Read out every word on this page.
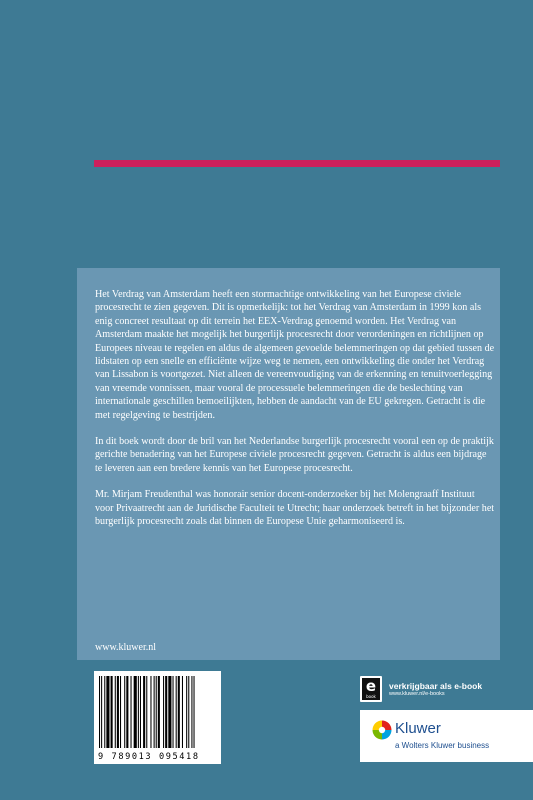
Het Verdrag van Amsterdam heeft een stormachtige ontwikkeling van het Europese civiele procesrecht te zien gegeven. Dit is opmerkelijk: tot het Verdrag van Amsterdam in 1999 kon als enig concreet resultaat op dit terrein het EEX-Verdrag genoemd worden. Het Verdrag van Amsterdam maakte het mogelijk het burgerlijk procesrecht door verordeningen en richtlijnen op Europees niveau te regelen en aldus de algemeen gevoelde belemmeringen op dat gebied tussen de lidstaten op een snelle en efficiënte wijze weg te nemen, een ontwikkeling die onder het Verdrag van Lissabon is voortgezet. Niet alleen de vereenvoudiging van de erkenning en tenuitvoerlegging van vreemde vonnissen, maar vooral de processuele belemmeringen die de beslechting van internationale geschillen bemoeilijkten, hebben de aandacht van de EU gekregen. Getracht is die met regelgeving te bestrijden.

In dit boek wordt door de bril van het Nederlandse burgerlijk procesrecht vooral een op de praktijk gerichte benadering van het Europese civiele procesrecht gegeven. Getracht is aldus een bijdrage te leveren aan een bredere kennis van het Europese procesrecht.

Mr. Mirjam Freudenthal was honorair senior docent-onderzoeker bij het Molengraaff Instituut voor Privaatrecht aan de Juridische Faculteit te Utrecht; haar onderzoek betreft in het bijzonder het burgerlijk procesrecht zoals dat binnen de Europese Unie geharmoniseerd is.

www.kluwer.nl
9 789013 095418
e
book
verkrijgbaar als e-book
www.kluwer.nl/e-books
Kluwer
a Wolters Kluwer business
